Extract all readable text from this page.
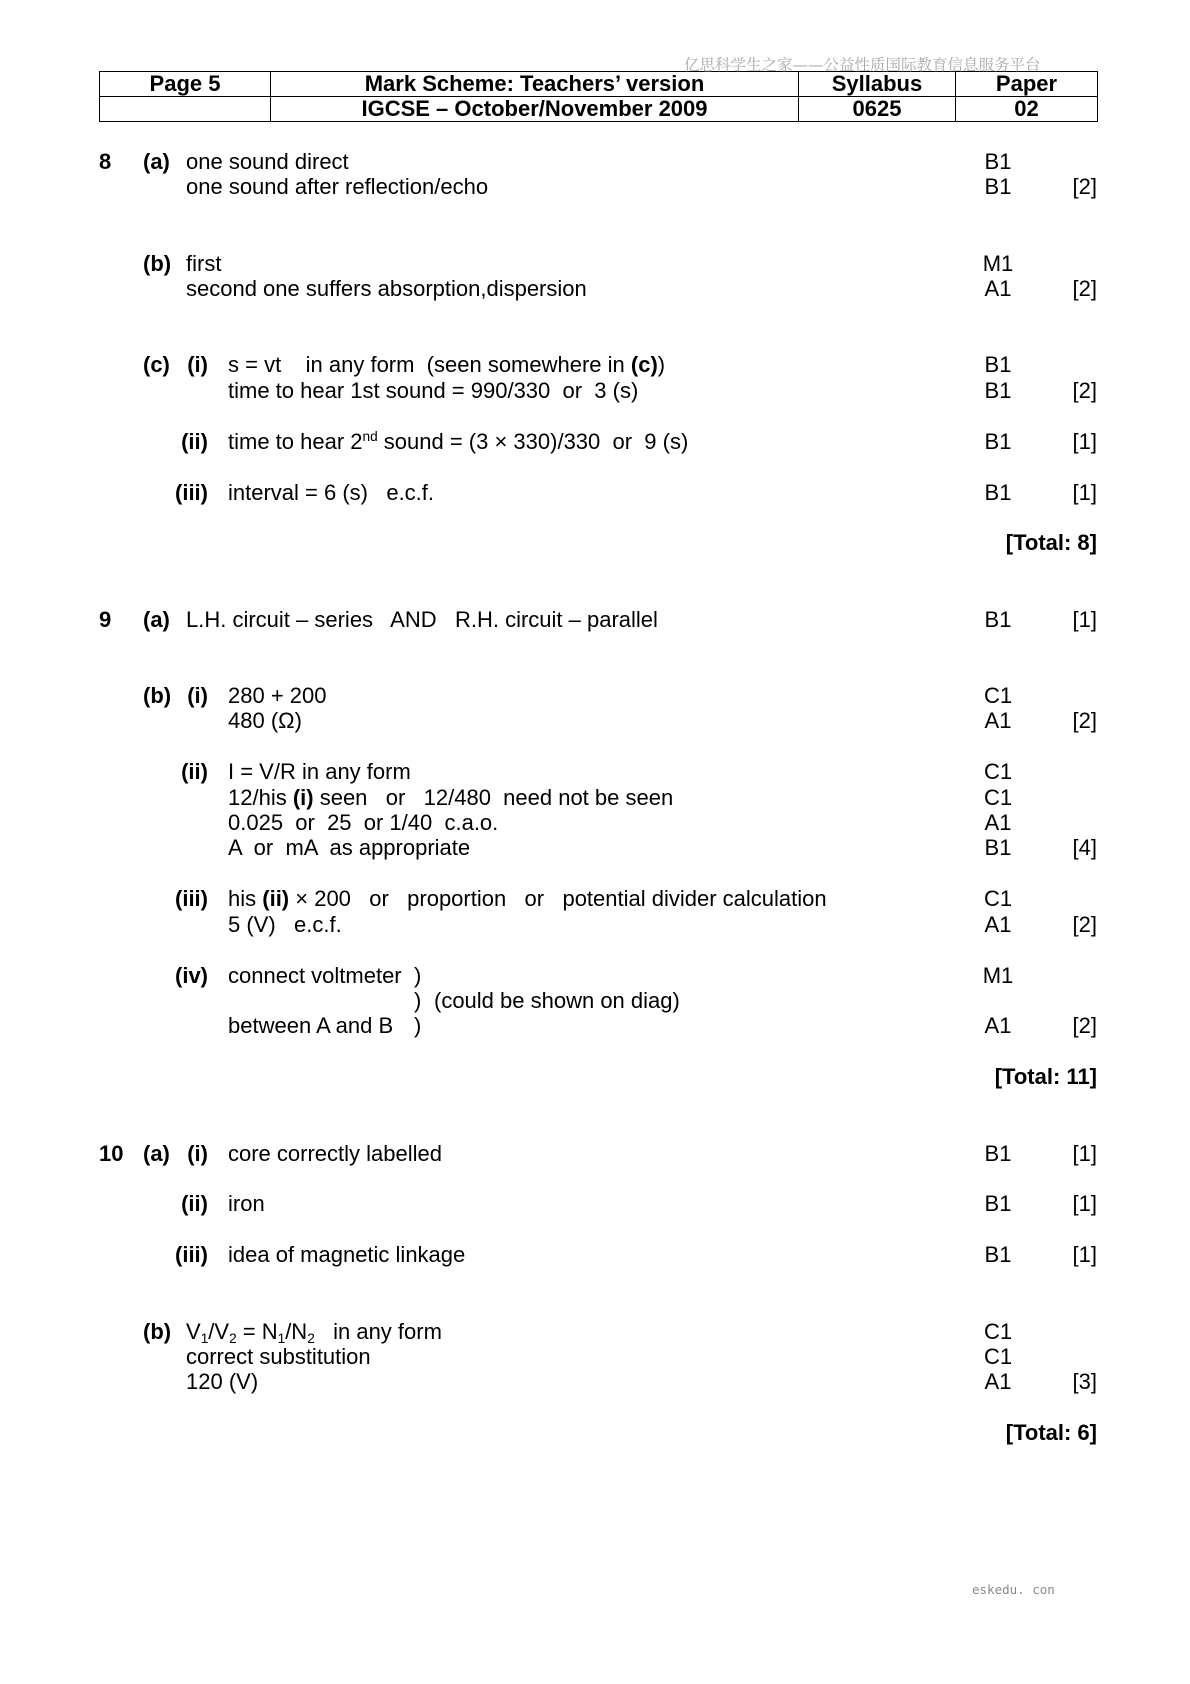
亿思科学生之家——公益性质国际教育信息服务平台
Page 5	Mark Scheme: Teachers’ version	Syllabus	Paper
	IGCSE – October/November 2009	0625	02
8 (a) one sound direct	B1
one sound after reflection/echo	B1	[2]
(b) first	M1
second one suffers absorption,dispersion	A1	[2]
(c) (i) s = vt    in any form  (seen somewhere in (c))	B1
time to hear 1st sound = 990/330  or  3 (s)	B1	[2]
(ii) time to hear 2nd sound = (3 × 330)/330  or  9 (s)	B1	[1]
(iii) interval = 6 (s)   e.c.f.	B1	[1]
[Total: 8]
9 (a) L.H. circuit – series   AND   R.H. circuit – parallel	B1	[1]
(b) (i) 280 + 200	C1
480 (Ω)	A1	[2]
(ii) I = V/R in any form	C1
12/his (i) seen   or   12/480  need not be seen	C1
0.025  or  25  or 1/40  c.a.o.	A1
A  or  mA  as appropriate	B1	[4]
(iii) his (ii) × 200   or   proportion   or   potential divider calculation	C1
5 (V)   e.c.f.	A1	[2]
(iv) connect voltmeter )	M1
) (could be shown on diag)
between A and B )	A1	[2]
[Total: 11]
10 (a) (i) core correctly labelled	B1	[1]
(ii) iron	B1	[1]
(iii) idea of magnetic linkage	B1	[1]
(b) V1/V2 = N1/N2   in any form	C1
correct substitution	C1
120 (V)	A1	[3]
[Total: 6]
eskedu. con
